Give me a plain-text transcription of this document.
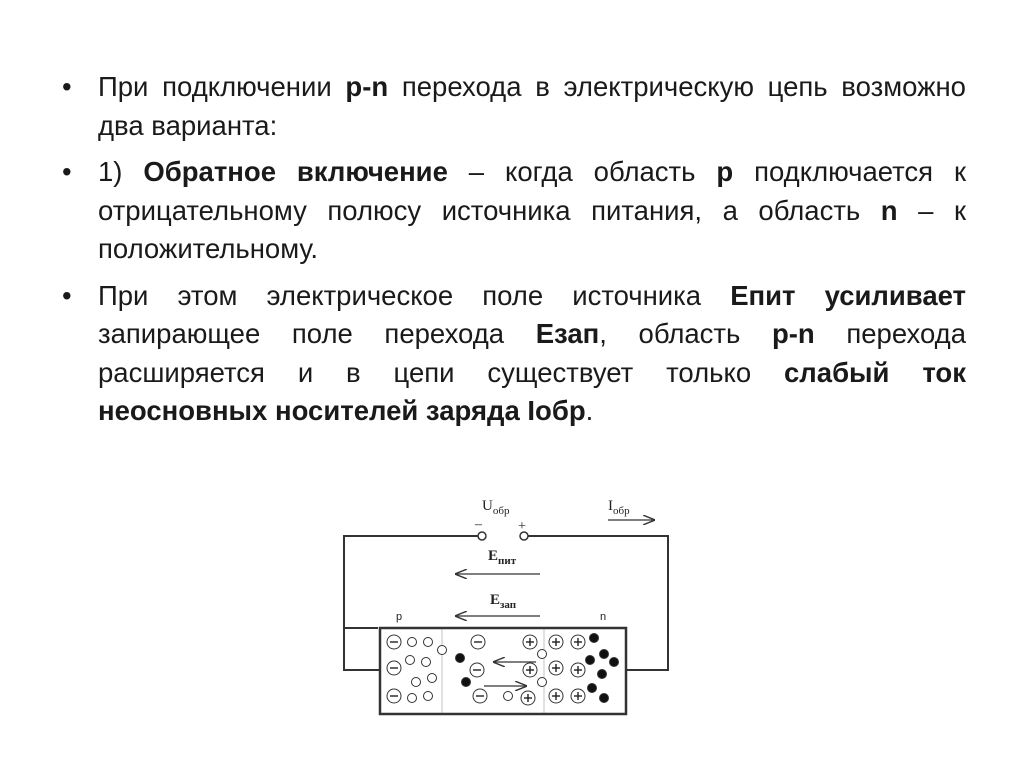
• При подключении р-n перехода в электрическую цепь возможно два варианта:
• 1) Обратное включение – когда область р подключается к отрицательному полюсу источника питания, а область n – к положительному.
• При этом электрическое поле источника Епит усиливает запирающее поле перехода Езап, область р-n перехода расширяется и в цепи существует только слабый ток неосновных носителей заряда Iобр.
–	+
$U_{обр}$	$I_{обр}$
$E_{пит}$
$E_{зап}$
р	n
